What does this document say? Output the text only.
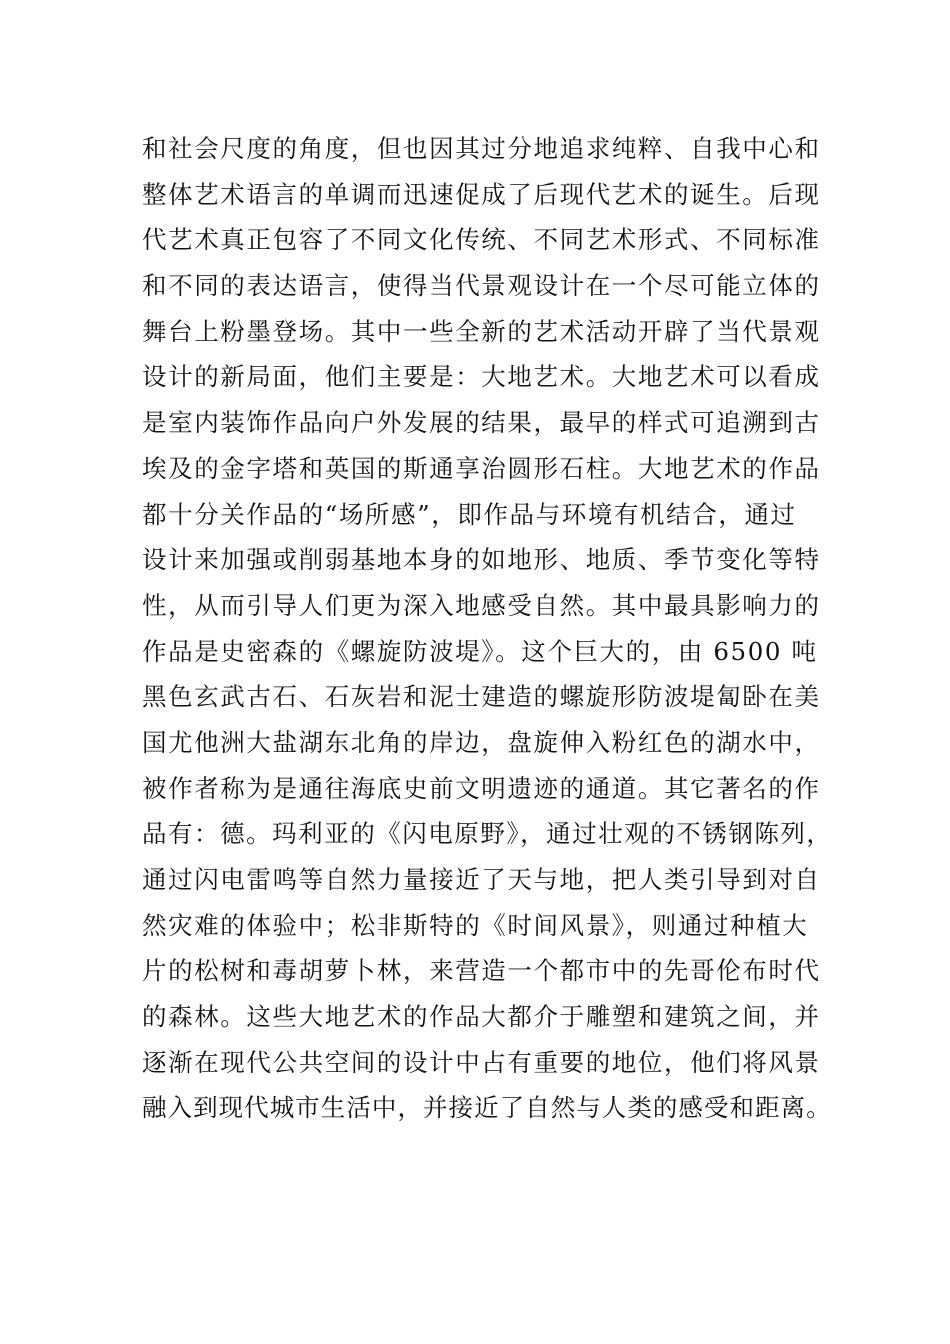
和社会尺度的角度，但也因其过分地追求纯粹、自我中心和
整体艺术语言的单调而迅速促成了后现代艺术的诞生。后现
代艺术真正包容了不同文化传统、不同艺术形式、不同标准
和不同的表达语言，使得当代景观设计在一个尽可能立体的
舞台上粉墨登场。其中一些全新的艺术活动开辟了当代景观
设计的新局面，他们主要是：大地艺术。大地艺术可以看成
是室内装饰作品向户外发展的结果，最早的样式可追溯到古
埃及的金字塔和英国的斯通享治圆形石柱。大地艺术的作品
都十分关作品的“场所感”，即作品与环境有机结合，通过
设计来加强或削弱基地本身的如地形、地质、季节变化等特
性，从而引导人们更为深入地感受自然。其中最具影响力的
作品是史密森的《螺旋防波堤》。这个巨大的，由 6500 吨
黑色玄武古石、石灰岩和泥士建造的螺旋形防波堤匐卧在美
国尤他洲大盐湖东北角的岸边，盘旋伸入粉红色的湖水中，
被作者称为是通往海底史前文明遗迹的通道。其它著名的作
品有：德。玛利亚的《闪电原野》，通过壮观的不锈钢陈列，
通过闪电雷鸣等自然力量接近了天与地，把人类引导到对自
然灾难的体验中；松非斯特的《时间风景》，则通过种植大
片的松树和毒胡萝卜林，来营造一个都市中的先哥伦布时代
的森林。这些大地艺术的作品大都介于雕塑和建筑之间，并
逐渐在现代公共空间的设计中占有重要的地位，他们将风景
融入到现代城市生活中，并接近了自然与人类的感受和距离。
